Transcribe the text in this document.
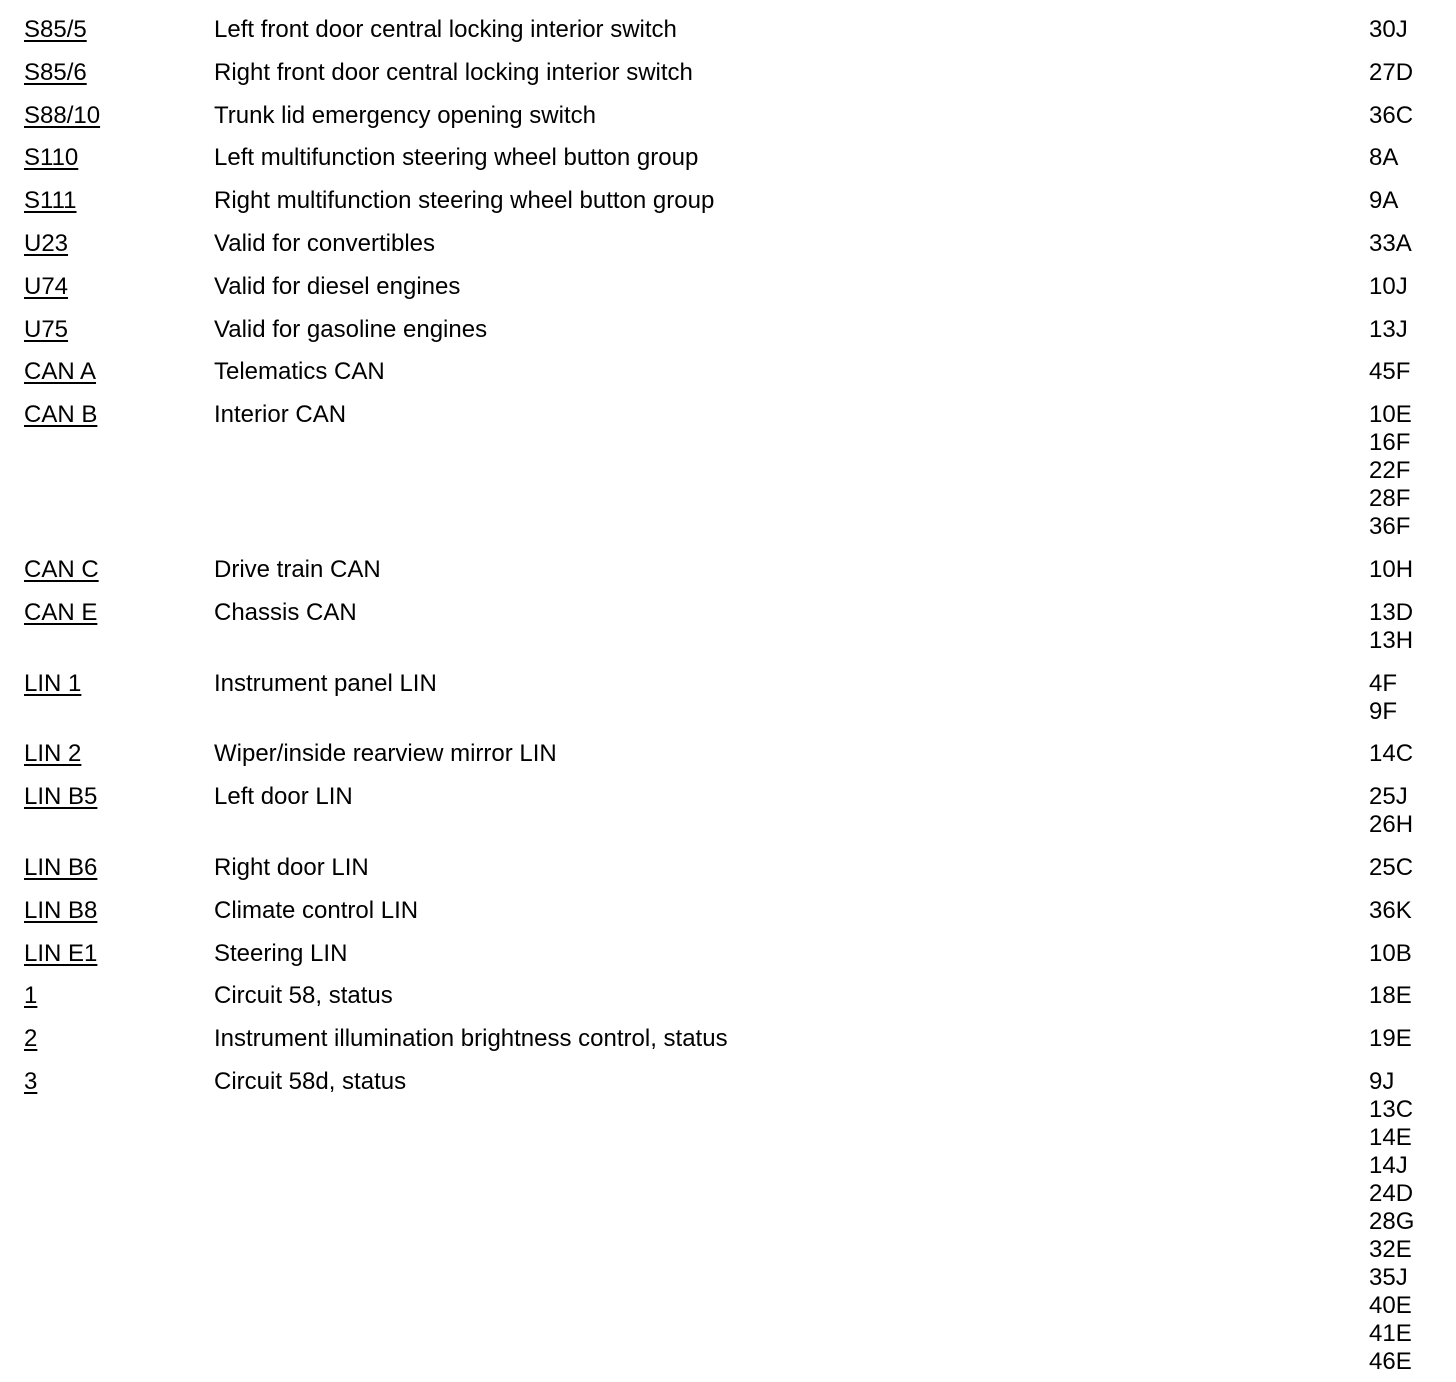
S85/5	Left front door central locking interior switch	30J
S85/6	Right front door central locking interior switch	27D
S88/10	Trunk lid emergency opening switch	36C
S110	Left multifunction steering wheel button group	8A
S111	Right multifunction steering wheel button group	9A
U23	Valid for convertibles	33A
U74	Valid for diesel engines	10J
U75	Valid for gasoline engines	13J
CAN A	Telematics CAN	45F
CAN B	Interior CAN	10E
16F
22F
28F
36F
CAN C	Drive train CAN	10H
CAN E	Chassis CAN	13D
13H
LIN 1	Instrument panel LIN	4F
9F
LIN 2	Wiper/inside rearview mirror LIN	14C
LIN B5	Left door LIN	25J
26H
LIN B6	Right door LIN	25C
LIN B8	Climate control LIN	36K
LIN E1	Steering LIN	10B
1	Circuit 58, status	18E
2	Instrument illumination brightness control, status	19E
3	Circuit 58d, status	9J
13C
14E
14J
24D
28G
32E
35J
40E
41E
46E
